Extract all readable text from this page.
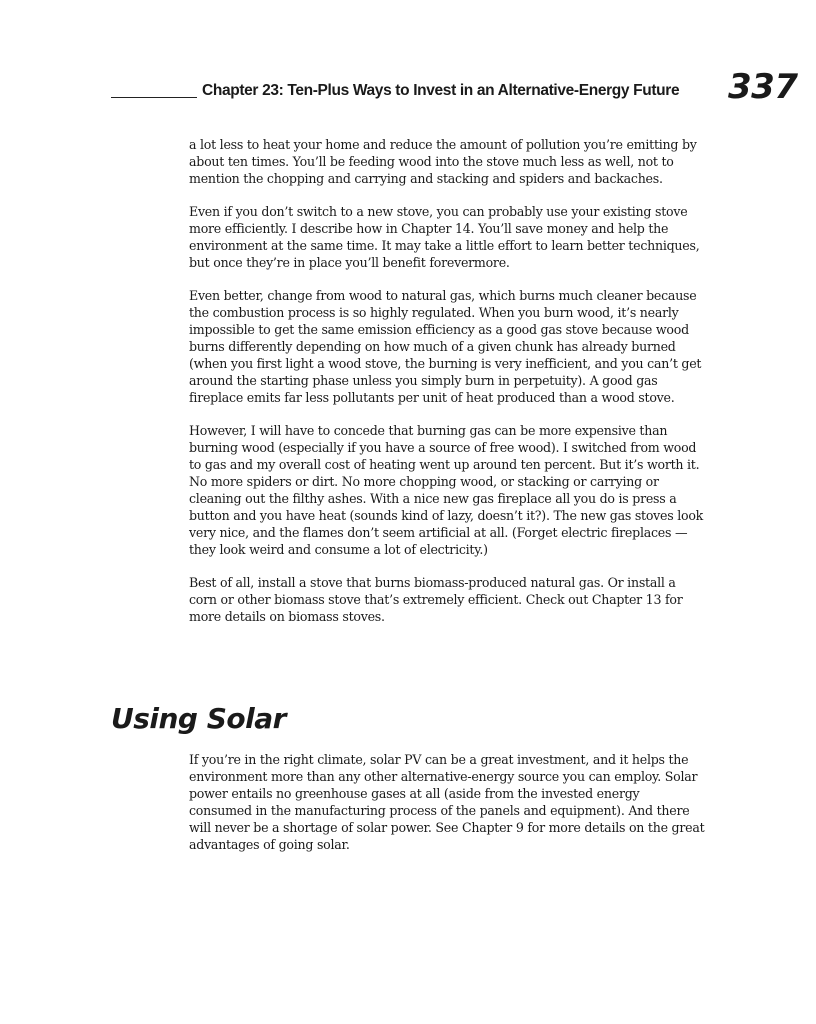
Chapter 23: Ten-Plus Ways to Invest in an Alternative-Energy Future 337

a lot less to heat your home and reduce the amount of pollution you’re emitting by about ten times. You’ll be feeding wood into the stove much less as well, not to mention the chopping and carrying and stacking and spiders and backaches.

Even if you don’t switch to a new stove, you can probably use your existing stove more efficiently. I describe how in Chapter 14. You’ll save money and help the environment at the same time. It may take a little effort to learn better techniques, but once they’re in place you’ll benefit forevermore.

Even better, change from wood to natural gas, which burns much cleaner because the combustion process is so highly regulated. When you burn wood, it’s nearly impossible to get the same emission efficiency as a good gas stove because wood burns differently depending on how much of a given chunk has already burned (when you first light a wood stove, the burning is very inefficient, and you can’t get around the starting phase unless you simply burn in perpetuity). A good gas fireplace emits far less pollutants per unit of heat produced than a wood stove.

However, I will have to concede that burning gas can be more expensive than burning wood (especially if you have a source of free wood). I switched from wood to gas and my overall cost of heating went up around ten percent. But it’s worth it. No more spiders or dirt. No more chopping wood, or stacking or carrying or cleaning out the filthy ashes. With a nice new gas fireplace all you do is press a button and you have heat (sounds kind of lazy, doesn’t it?). The new gas stoves look very nice, and the flames don’t seem artificial at all. (Forget electric fireplaces — they look weird and consume a lot of electricity.)

Best of all, install a stove that burns biomass-produced natural gas. Or install a corn or other biomass stove that’s extremely efficient. Check out Chapter 13 for more details on biomass stoves.

Using Solar

If you’re in the right climate, solar PV can be a great investment, and it helps the environment more than any other alternative-energy source you can employ. Solar power entails no greenhouse gases at all (aside from the invested energy consumed in the manufacturing process of the panels and equipment). And there will never be a shortage of solar power. See Chapter 9 for more details on the great advantages of going solar.
